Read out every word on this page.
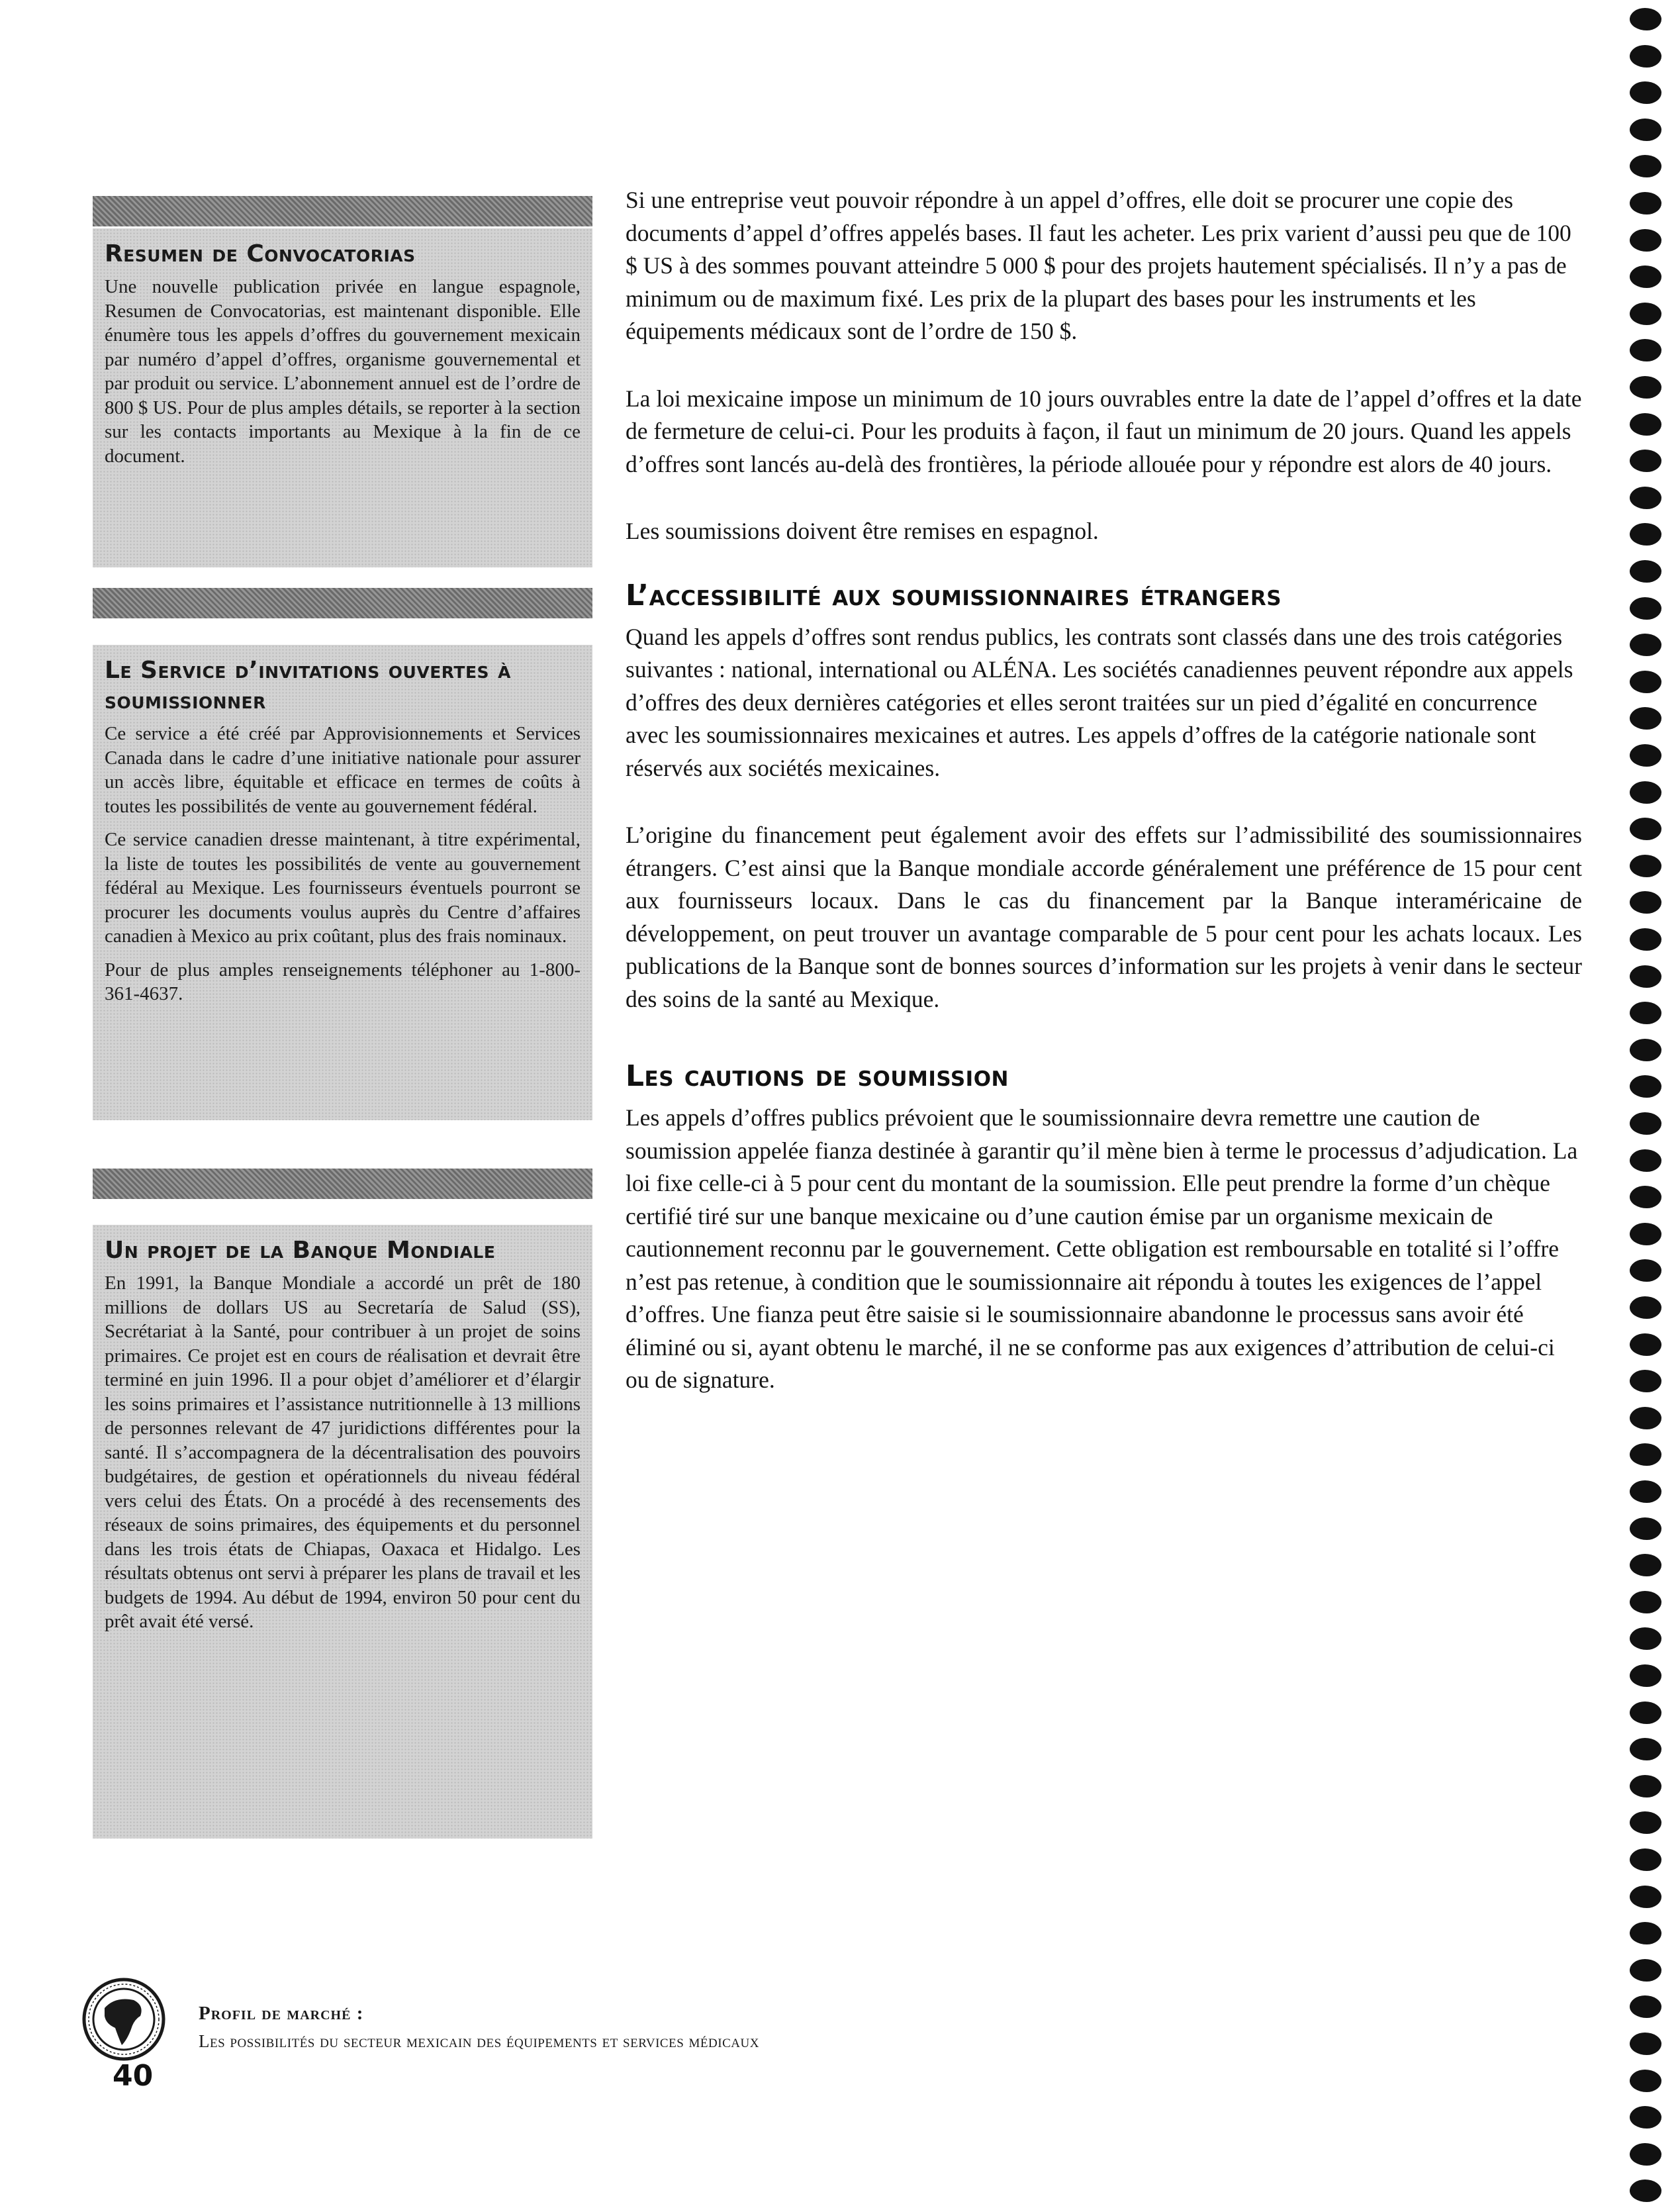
Resumen de Convocatorias

Une nouvelle publication privée en langue espagnole, Resumen de Convocatorias, est maintenant disponible. Elle énumère tous les appels d’offres du gouvernement mexicain par numéro d’appel d’offres, organisme gouvernemental et par produit ou service. L’abonnement annuel est de l’ordre de 800 $ US. Pour de plus amples détails, se reporter à la section sur les contacts importants au Mexique à la fin de ce document.

Le Service d’invitations ouvertes à soumissionner

Ce service a été créé par Approvisionnements et Services Canada dans le cadre d’une initiative nationale pour assurer un accès libre, équitable et efficace en termes de coûts à toutes les possibilités de vente au gouvernement fédéral.

Ce service canadien dresse maintenant, à titre expérimental, la liste de toutes les possibilités de vente au gouvernement fédéral au Mexique. Les fournisseurs éventuels pourront se procurer les documents voulus auprès du Centre d’affaires canadien à Mexico au prix coûtant, plus des frais nominaux.

Pour de plus amples renseignements téléphoner au 1-800-361-4637.

Un projet de la Banque Mondiale

En 1991, la Banque Mondiale a accordé un prêt de 180 millions de dollars US au Secretaría de Salud (SS), Secrétariat à la Santé, pour contribuer à un projet de soins primaires. Ce projet est en cours de réalisation et devrait être terminé en juin 1996. Il a pour objet d’améliorer et d’élargir les soins primaires et l’assistance nutritionnelle à 13 millions de personnes relevant de 47 juridictions différentes pour la santé. Il s’accompagnera de la décentralisation des pouvoirs budgétaires, de gestion et opérationnels du niveau fédéral vers celui des États. On a procédé à des recensements des réseaux de soins primaires, des équipements et du personnel dans les trois états de Chiapas, Oaxaca et Hidalgo. Les résultats obtenus ont servi à préparer les plans de travail et les budgets de 1994. Au début de 1994, environ 50 pour cent du prêt avait été versé.

Si une entreprise veut pouvoir répondre à un appel d’offres, elle doit se procurer une copie des documents d’appel d’offres appelés bases. Il faut les acheter. Les prix varient d’aussi peu que de 100 $ US à des sommes pouvant atteindre 5 000 $ pour des projets hautement spécialisés. Il n’y a pas de minimum ou de maximum fixé. Les prix de la plupart des bases pour les instruments et les équipements médicaux sont de l’ordre de 150 $.

La loi mexicaine impose un minimum de 10 jours ouvrables entre la date de l’appel d’offres et la date de fermeture de celui-ci. Pour les produits à façon, il faut un minimum de 20 jours. Quand les appels d’offres sont lancés au-delà des frontières, la période allouée pour y répondre est alors de 40 jours.

Les soumissions doivent être remises en espagnol.

L’accessibilité aux soumissionnaires étrangers

Quand les appels d’offres sont rendus publics, les contrats sont classés dans une des trois catégories suivantes : national, international ou ALÉNA. Les sociétés canadiennes peuvent répondre aux appels d’offres des deux dernières catégories et elles seront traitées sur un pied d’égalité en concurrence avec les soumissionnaires mexicaines et autres. Les appels d’offres de la catégorie nationale sont réservés aux sociétés mexicaines.

L’origine du financement peut également avoir des effets sur l’admissibilité des soumissionnaires étrangers. C’est ainsi que la Banque mondiale accorde généralement une préférence de 15 pour cent aux fournisseurs locaux. Dans le cas du financement par la Banque interaméricaine de développement, on peut trouver un avantage comparable de 5 pour cent pour les achats locaux. Les publications de la Banque sont de bonnes sources d’information sur les projets à venir dans le secteur des soins de la santé au Mexique.

Les cautions de soumission

Les appels d’offres publics prévoient que le soumissionnaire devra remettre une caution de soumission appelée fianza destinée à garantir qu’il mène bien à terme le processus d’adjudication. La loi fixe celle-ci à 5 pour cent du montant de la soumission. Elle peut prendre la forme d’un chèque certifié tiré sur une banque mexicaine ou d’une caution émise par un organisme mexicain de cautionnement reconnu par le gouvernement. Cette obligation est remboursable en totalité si l’offre n’est pas retenue, à condition que le soumissionnaire ait répondu à toutes les exigences de l’appel d’offres. Une fianza peut être saisie si le soumissionnaire abandonne le processus sans avoir été éliminé ou si, ayant obtenu le marché, il ne se conforme pas aux exigences d’attribution de celui-ci ou de signature.

Profil de marché :
Les possibilités du secteur mexicain des équipements et services médicaux
40
